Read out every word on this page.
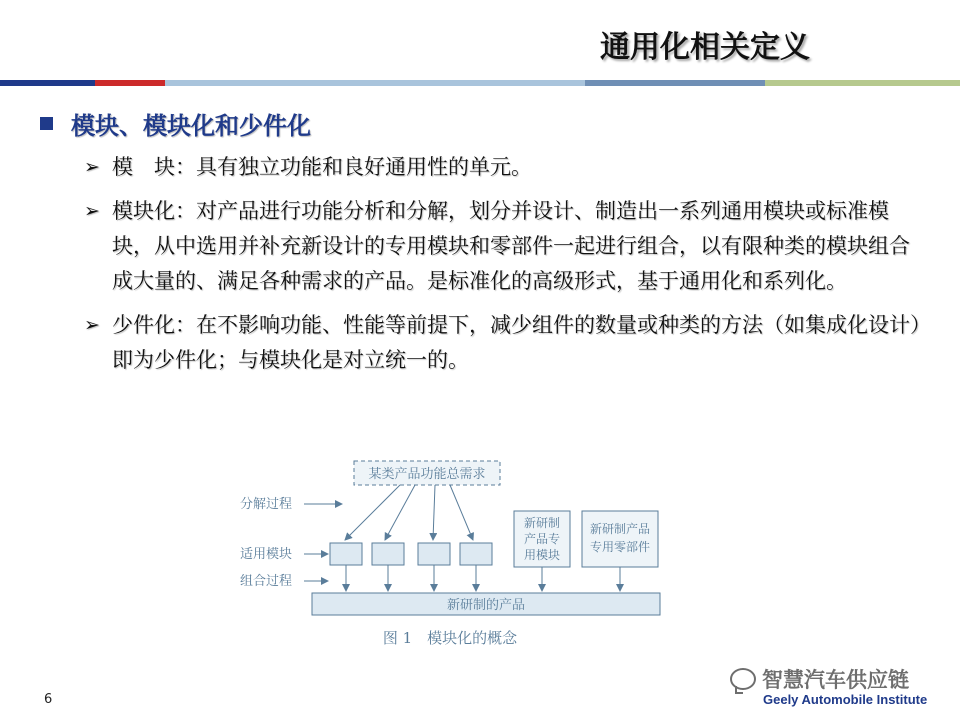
通用化相关定义
模块、模块化和少件化
➢ 模　块：具有独立功能和良好通用性的单元。
➢ 模块化：对产品进行功能分析和分解，划分并设计、制造出一系列通用模块或标准模块，从中选用并补充新设计的专用模块和零部件一起进行组合，以有限种类的模块组合成大量的、满足各种需求的产品。是标准化的高级形式，基于通用化和系列化。
➢ 少件化：在不影响功能、性能等前提下，减少组件的数量或种类的方法（如集成化设计）即为少件化；与模块化是对立统一的。
某类产品功能总需求
分解过程
适用模块
组合过程
新研制
产品专
用模块
新研制产品
专用零部件
新研制的产品
图 1　模块化的概念
6
智慧汽车供应链
Geely Automobile Institute
